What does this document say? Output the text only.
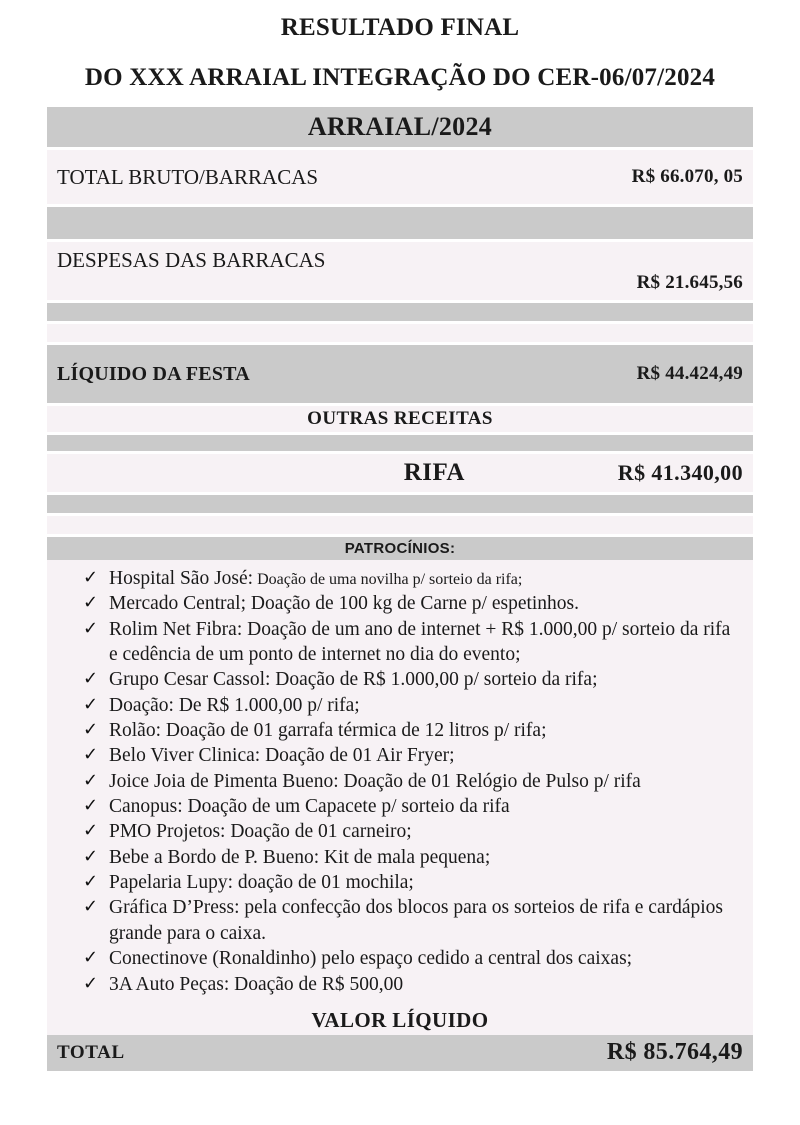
RESULTADO FINAL
DO XXX ARRAIAL INTEGRAÇÃO DO CER-06/07/2024
ARRAIAL/2024
TOTAL BRUTO/BARRACAS	R$ 66.070, 05
DESPESAS DAS BARRACAS
R$ 21.645,56
LÍQUIDO DA FESTA	R$ 44.424,49
OUTRAS RECEITAS
RIFA	R$ 41.340,00
PATROCÍNIOS:
✓ Hospital São José: Doação de uma novilha p/ sorteio da rifa;
✓ Mercado Central; Doação de 100 kg de Carne p/ espetinhos.
✓ Rolim Net Fibra: Doação de um ano de internet + R$ 1.000,00 p/ sorteio da rifa e cedência de um ponto de internet no dia do evento;
✓ Grupo Cesar Cassol: Doação de R$ 1.000,00 p/ sorteio da rifa;
✓ Doação: De R$ 1.000,00 p/ rifa;
✓ Rolão: Doação de 01 garrafa térmica de 12 litros p/ rifa;
✓ Belo Viver Clinica: Doação de 01 Air Fryer;
✓ Joice Joia de Pimenta Bueno: Doação de 01 Relógio de Pulso p/ rifa
✓ Canopus: Doação de um Capacete p/ sorteio da rifa
✓ PMO Projetos: Doação de 01 carneiro;
✓ Bebe a Bordo de P. Bueno: Kit de mala pequena;
✓ Papelaria Lupy: doação de 01 mochila;
✓ Gráfica D’Press: pela confecção dos blocos para os sorteios de rifa e cardápios grande para o caixa.
✓ Conectinove (Ronaldinho) pelo espaço cedido a central dos caixas;
✓ 3A Auto Peças: Doação de R$ 500,00
VALOR LÍQUIDO
TOTAL	R$ 85.764,49
